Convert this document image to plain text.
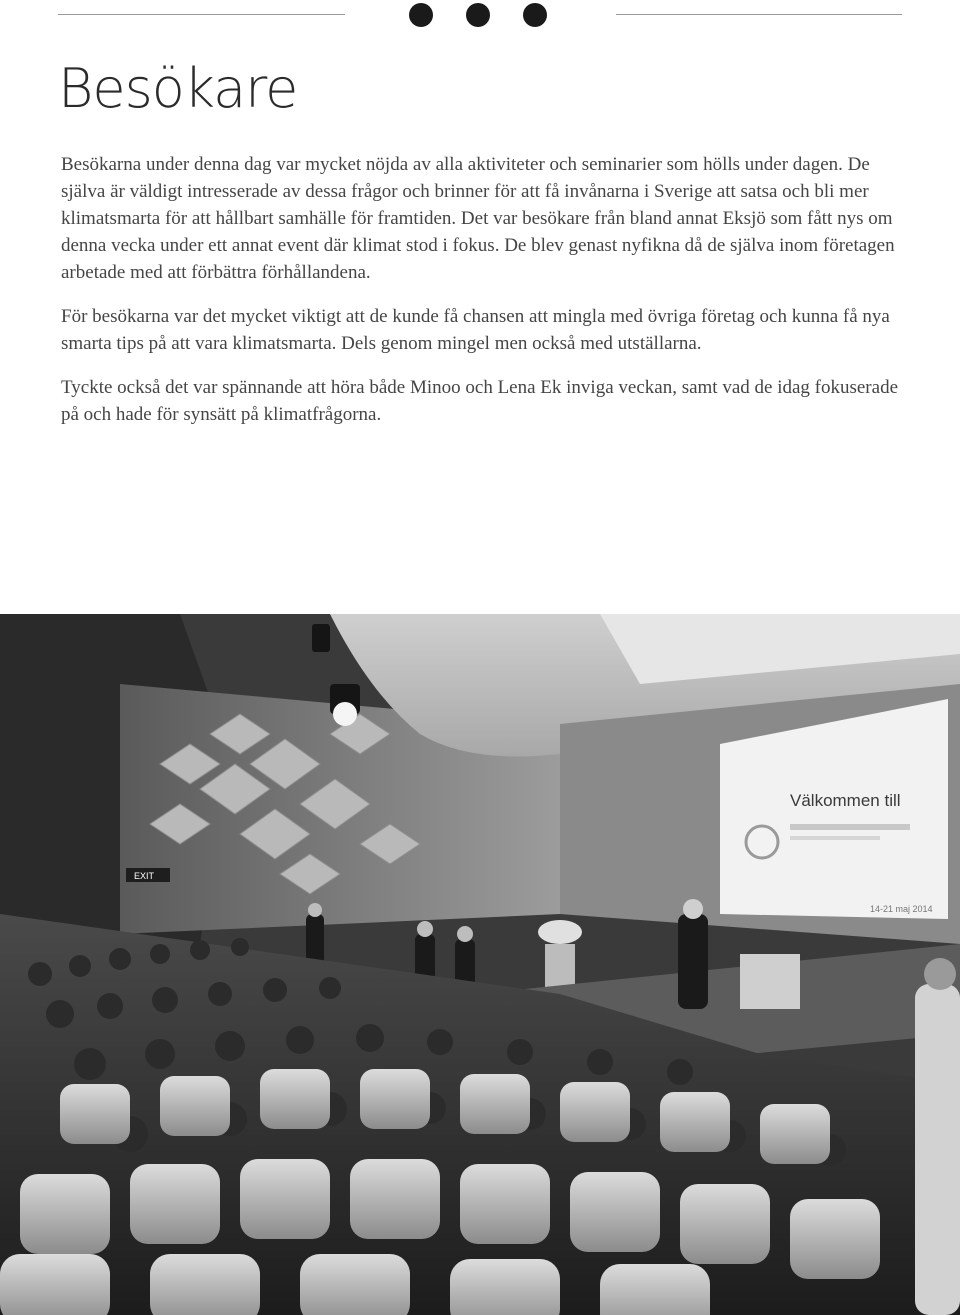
Besökare

Besökarna under denna dag var mycket nöjda av alla aktiviteter och seminarier som hölls under dagen. De själva är väldigt intresserade av dessa frågor och brinner för att få invånarna i Sverige att satsa och bli mer klimatsmarta för att hållbart samhälle för framtiden. Det var besökare från bland annat Eksjö som fått nys om denna vecka under ett annat event där klimat stod i fokus. De blev genast nyfikna då de själva inom företagen arbetade med att förbättra förhållandena.

För besökarna var det mycket viktigt att de kunde få chansen att mingla med övriga företag och kunna få nya smarta tips på att vara klimatsmarta. Dels genom mingel men också med utställarna.

Tyckte också det var spännande att höra både Minoo och Lena Ek inviga veckan, samt vad de idag fokuserade på och hade för synsätt på klimatfrågorna.

Välkommen till
14-21 maj 2014
EXIT
